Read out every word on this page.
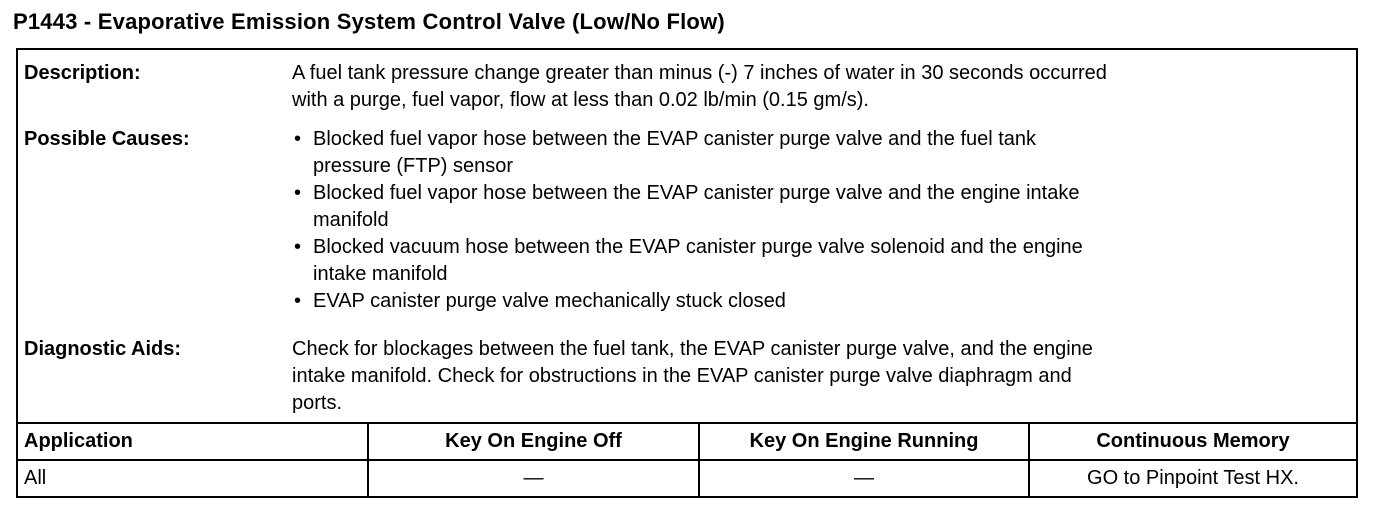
P1443 - Evaporative Emission System Control Valve (Low/No Flow)
Description:	A fuel tank pressure change greater than minus (-) 7 inches of water in 30 seconds occurred
with a purge, fuel vapor, flow at less than 0.02 lb/min (0.15 gm/s).
Possible Causes:	• Blocked fuel vapor hose between the EVAP canister purge valve and the fuel tank
pressure (FTP) sensor
• Blocked fuel vapor hose between the EVAP canister purge valve and the engine intake
manifold
• Blocked vacuum hose between the EVAP canister purge valve solenoid and the engine
intake manifold
• EVAP canister purge valve mechanically stuck closed
Diagnostic Aids:	Check for blockages between the fuel tank, the EVAP canister purge valve, and the engine
intake manifold. Check for obstructions in the EVAP canister purge valve diaphragm and
ports.
Application	Key On Engine Off	Key On Engine Running	Continuous Memory
All	—	—	GO to Pinpoint Test HX.
